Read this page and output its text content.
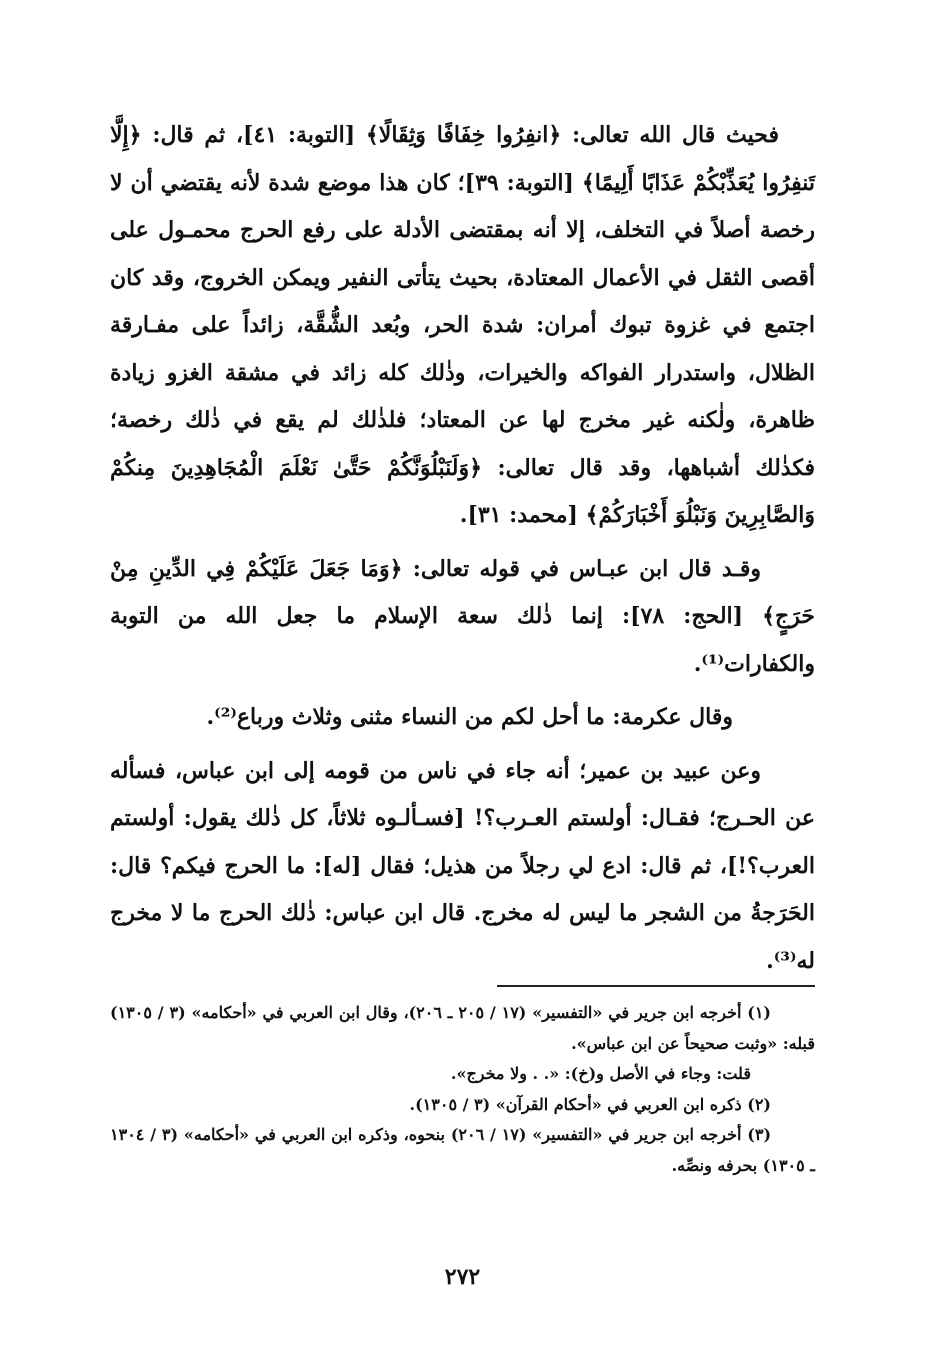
فحيث قال الله تعالى: ﴿انفِرُوا خِفَافًا وَثِقَالًا﴾ [التوبة: ٤١]، ثم قال: ﴿إِلَّا تَنفِرُوا يُعَذِّبْكُمْ عَذَابًا أَلِيمًا﴾ [التوبة: ٣٩]؛ كان هذا موضع شدة لأنه يقتضي أن لا رخصة أصلاً في التخلف، إلا أنه بمقتضى الأدلة على رفع الحرج محمـول على أقصى الثقل في الأعمال المعتادة، بحيث يتأتى النفير ويمكن الخروج، وقد كان اجتمع في غزوة تبوك أمران: شدة الحر، وبُعد الشُّقَّة، زائداً على مفـارقة الظلال، واستدرار الفواكه والخيرات، وذٰلك كله زائد في مشقة الغزو زيادة ظاهرة، ولٰكنه غير مخرج لها عن المعتاد؛ فلذٰلك لم يقع في ذٰلك رخصة؛ فكذٰلك أشباهها، وقد قال تعالى: ﴿وَلَنَبْلُوَنَّكُمْ حَتَّىٰ نَعْلَمَ الْمُجَاهِدِينَ مِنكُمْ وَالصَّابِرِينَ وَنَبْلُوَ أَخْبَارَكُمْ﴾ [محمد: ٣١].

وقـد قال ابن عبـاس في قوله تعالى: ﴿وَمَا جَعَلَ عَلَيْكُمْ فِي الدِّينِ مِنْ حَرَجٍ﴾ [الحج: ٧٨]: إنما ذٰلك سعة الإسلام ما جعل الله من التوبة والكفارات⁽¹⁾.

وقال عكرمة: ما أحل لكم من النساء مثنى وثلاث ورباع⁽²⁾.

وعن عبيد بن عمير؛ أنه جاء في ناس من قومه إلى ابن عباس، فسأله عن الحـرج؛ فقـال: أولستم العـرب؟! [فسـألـوه ثلاثاً، كل ذٰلك يقول: أولستم العرب؟!]، ثم قال: ادع لي رجلاً من هذيل؛ فقال [له]: ما الحرج فيكم؟ قال: الحَرَجةُ من الشجر ما ليس له مخرج. قال ابن عباس: ذٰلك الحرج ما لا مخرج له⁽³⁾.

(١) أخرجه ابن جرير في «التفسير» (١٧ / ٢٠٥ ـ ٢٠٦)، وقال ابن العربي في «أحكامه» (٣ / ١٣٠٥) قبله: «وثبت صحيحاً عن ابن عباس».

قلت: وجاء في الأصل و(خ): «. . ولا مخرج».

(٢) ذكره ابن العربي في «أحكام القرآن» (٣ / ١٣٠٥).

(٣) أخرجه ابن جرير في «التفسير» (١٧ / ٢٠٦) بنحوه، وذكره ابن العربي في «أحكامه» (٣ / ١٣٠٤ ـ ١٣٠٥) بحرفه ونصِّه.

٢٧٢
